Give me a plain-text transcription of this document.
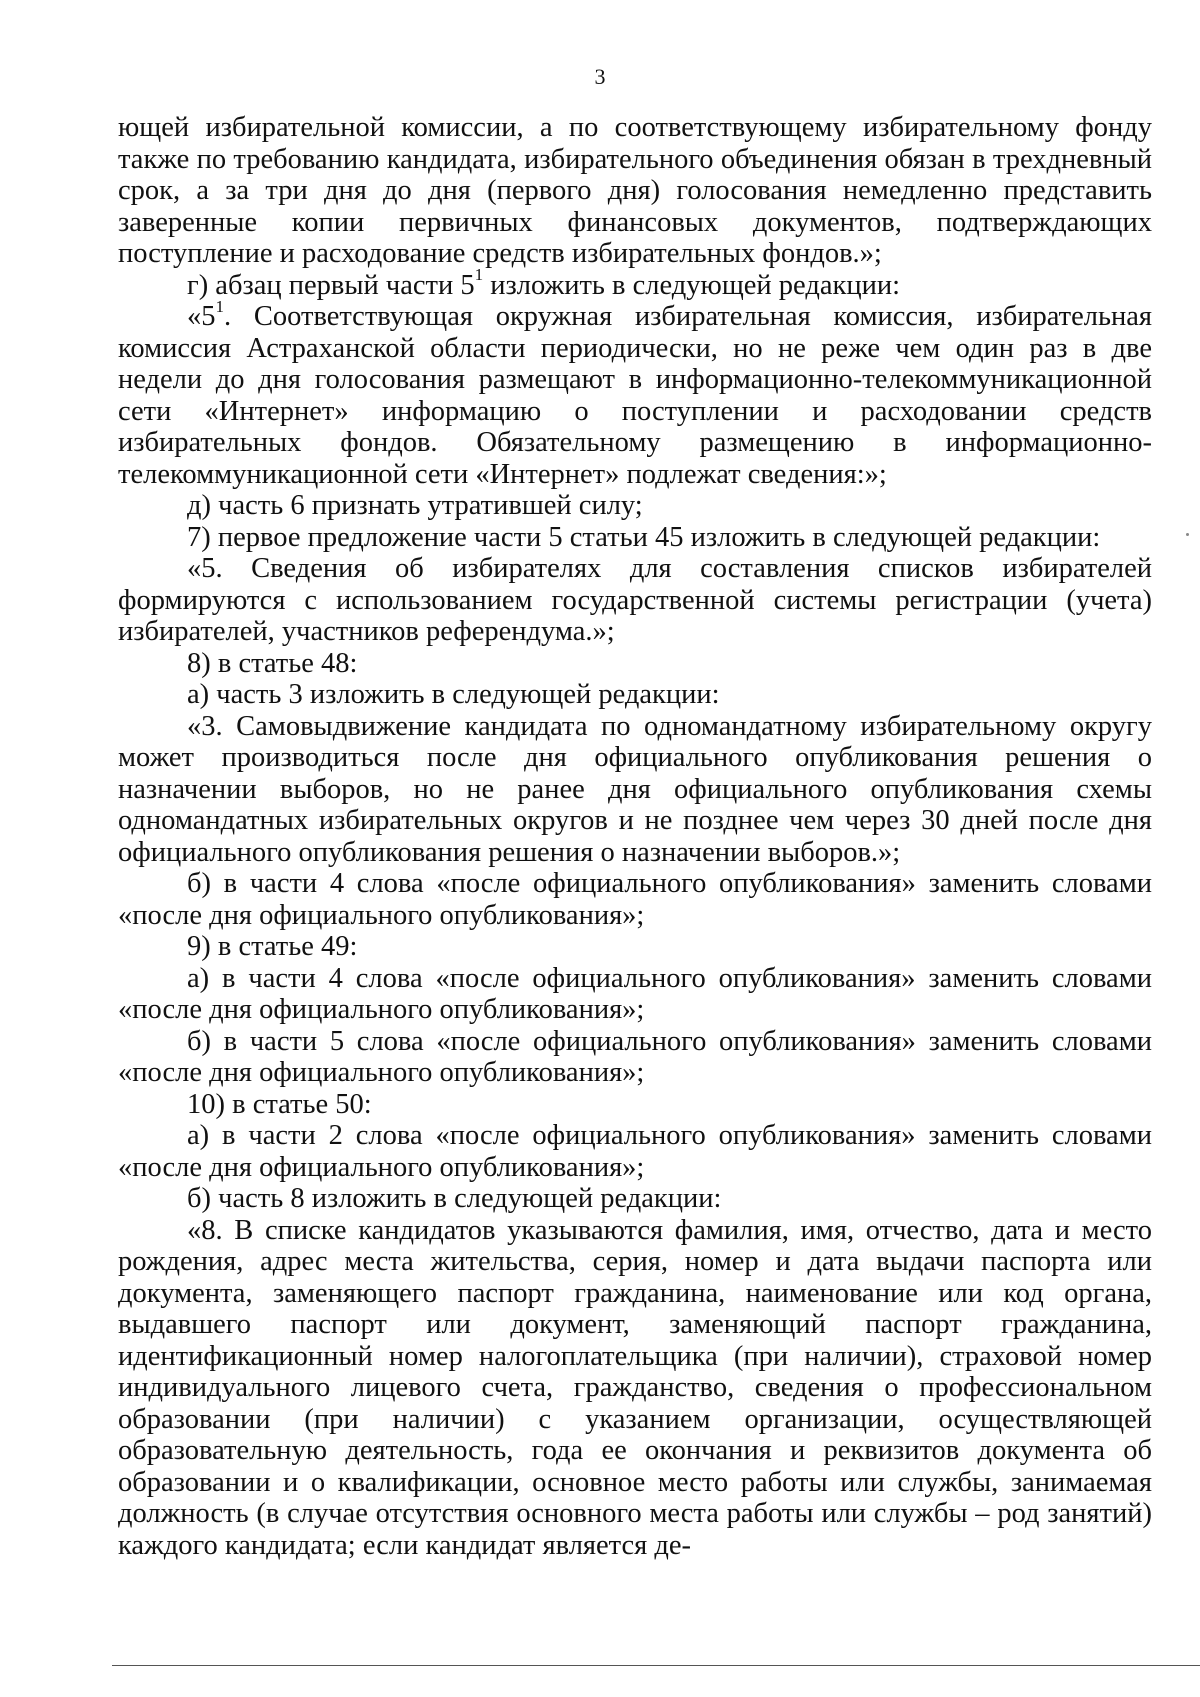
3

ющей избирательной комиссии, а по соответствующему избирательному фонду также по требованию кандидата, избирательного объединения обязан в трехдневный срок, а за три дня до дня (первого дня) голосования немедленно представить заверенные копии первичных финансовых документов, подтверждающих поступление и расходование средств избирательных фондов.»;

г) абзац первый части $5^1$ изложить в следующей редакции:

«$5^1$. Соответствующая окружная избирательная комиссия, избирательная комиссия Астраханской области периодически, но не реже чем один раз в две недели до дня голосования размещают в информационно-телекоммуникационной сети «Интернет» информацию о поступлении и расходовании средств избирательных фондов. Обязательному размещению в информационно-телекоммуникационной сети «Интернет» подлежат сведения:»;

д) часть 6 признать утратившей силу;

7) первое предложение части 5 статьи 45 изложить в следующей редакции:

«5. Сведения об избирателях для составления списков избирателей формируются с использованием государственной системы регистрации (учета) избирателей, участников референдума.»;

8) в статье 48:

а) часть 3 изложить в следующей редакции:

«3. Самовыдвижение кандидата по одномандатному избирательному округу может производиться после дня официального опубликования решения о назначении выборов, но не ранее дня официального опубликования схемы одномандатных избирательных округов и не позднее чем через 30 дней после дня официального опубликования решения о назначении выборов.»;

б) в части 4 слова «после официального опубликования» заменить словами «после дня официального опубликования»;

9) в статье 49:

а) в части 4 слова «после официального опубликования» заменить словами «после дня официального опубликования»;

б) в части 5 слова «после официального опубликования» заменить словами «после дня официального опубликования»;

10) в статье 50:

а) в части 2 слова «после официального опубликования» заменить словами «после дня официального опубликования»;

б) часть 8 изложить в следующей редакции:

«8. В списке кандидатов указываются фамилия, имя, отчество, дата и место рождения, адрес места жительства, серия, номер и дата выдачи паспорта или документа, заменяющего паспорт гражданина, наименование или код органа, выдавшего паспорт или документ, заменяющий паспорт гражданина, идентификационный номер налогоплательщика (при наличии), страховой номер индивидуального лицевого счета, гражданство, сведения о профессиональном образовании (при наличии) с указанием организации, осуществляющей образовательную деятельность, года ее окончания и реквизитов документа об образовании и о квалификации, основное место работы или службы, занимаемая должность (в случае отсутствия основного места работы или службы – род занятий) каждого кандидата; если кандидат является де-
